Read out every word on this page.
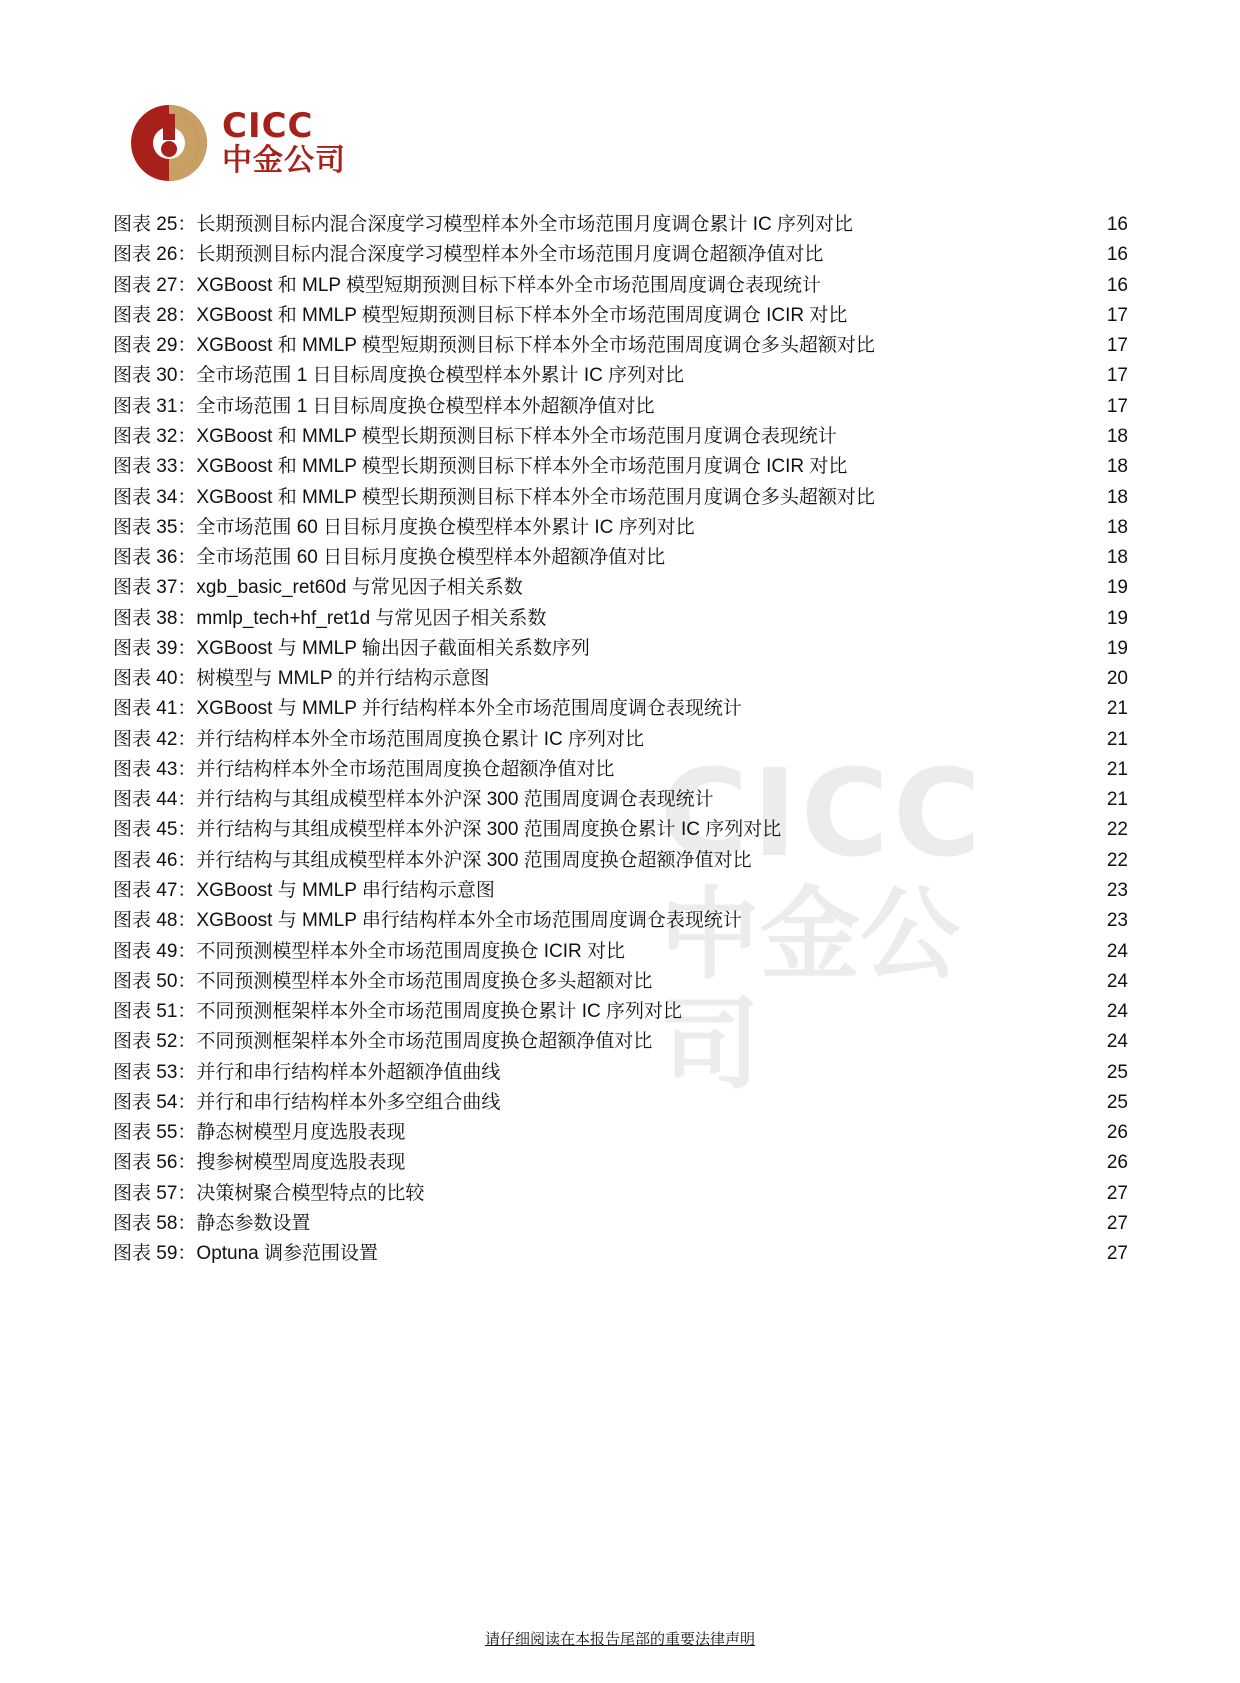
CICC
中金公司
CICC
中金公司
图表 25：长期预测目标内混合深度学习模型样本外全市场范围月度调仓累计 IC 序列对比	16
图表 26：长期预测目标内混合深度学习模型样本外全市场范围月度调仓超额净值对比	16
图表 27：XGBoost 和 MLP 模型短期预测目标下样本外全市场范围周度调仓表现统计	16
图表 28：XGBoost 和 MMLP 模型短期预测目标下样本外全市场范围周度调仓 ICIR 对比	17
图表 29：XGBoost 和 MMLP 模型短期预测目标下样本外全市场范围周度调仓多头超额对比	17
图表 30：全市场范围 1 日目标周度换仓模型样本外累计 IC 序列对比	17
图表 31：全市场范围 1 日目标周度换仓模型样本外超额净值对比	17
图表 32：XGBoost 和 MMLP 模型长期预测目标下样本外全市场范围月度调仓表现统计	18
图表 33：XGBoost 和 MMLP 模型长期预测目标下样本外全市场范围月度调仓 ICIR 对比	18
图表 34：XGBoost 和 MMLP 模型长期预测目标下样本外全市场范围月度调仓多头超额对比	18
图表 35：全市场范围 60 日目标月度换仓模型样本外累计 IC 序列对比	18
图表 36：全市场范围 60 日目标月度换仓模型样本外超额净值对比	18
图表 37：xgb_basic_ret60d 与常见因子相关系数	19
图表 38：mmlp_tech+hf_ret1d 与常见因子相关系数	19
图表 39：XGBoost 与 MMLP 输出因子截面相关系数序列	19
图表 40：树模型与 MMLP 的并行结构示意图	20
图表 41：XGBoost 与 MMLP 并行结构样本外全市场范围周度调仓表现统计	21
图表 42：并行结构样本外全市场范围周度换仓累计 IC 序列对比	21
图表 43：并行结构样本外全市场范围周度换仓超额净值对比	21
图表 44：并行结构与其组成模型样本外沪深 300 范围周度调仓表现统计	21
图表 45：并行结构与其组成模型样本外沪深 300 范围周度换仓累计 IC 序列对比	22
图表 46：并行结构与其组成模型样本外沪深 300 范围周度换仓超额净值对比	22
图表 47：XGBoost 与 MMLP 串行结构示意图	23
图表 48：XGBoost 与 MMLP 串行结构样本外全市场范围周度调仓表现统计	23
图表 49：不同预测模型样本外全市场范围周度换仓 ICIR 对比	24
图表 50：不同预测模型样本外全市场范围周度换仓多头超额对比	24
图表 51：不同预测框架样本外全市场范围周度换仓累计 IC 序列对比	24
图表 52：不同预测框架样本外全市场范围周度换仓超额净值对比	24
图表 53：并行和串行结构样本外超额净值曲线	25
图表 54：并行和串行结构样本外多空组合曲线	25
图表 55：静态树模型月度选股表现	26
图表 56：搜参树模型周度选股表现	26
图表 57：决策树聚合模型特点的比较	27
图表 58：静态参数设置	27
图表 59：Optuna 调参范围设置	27
请仔细阅读在本报告尾部的重要法律声明
